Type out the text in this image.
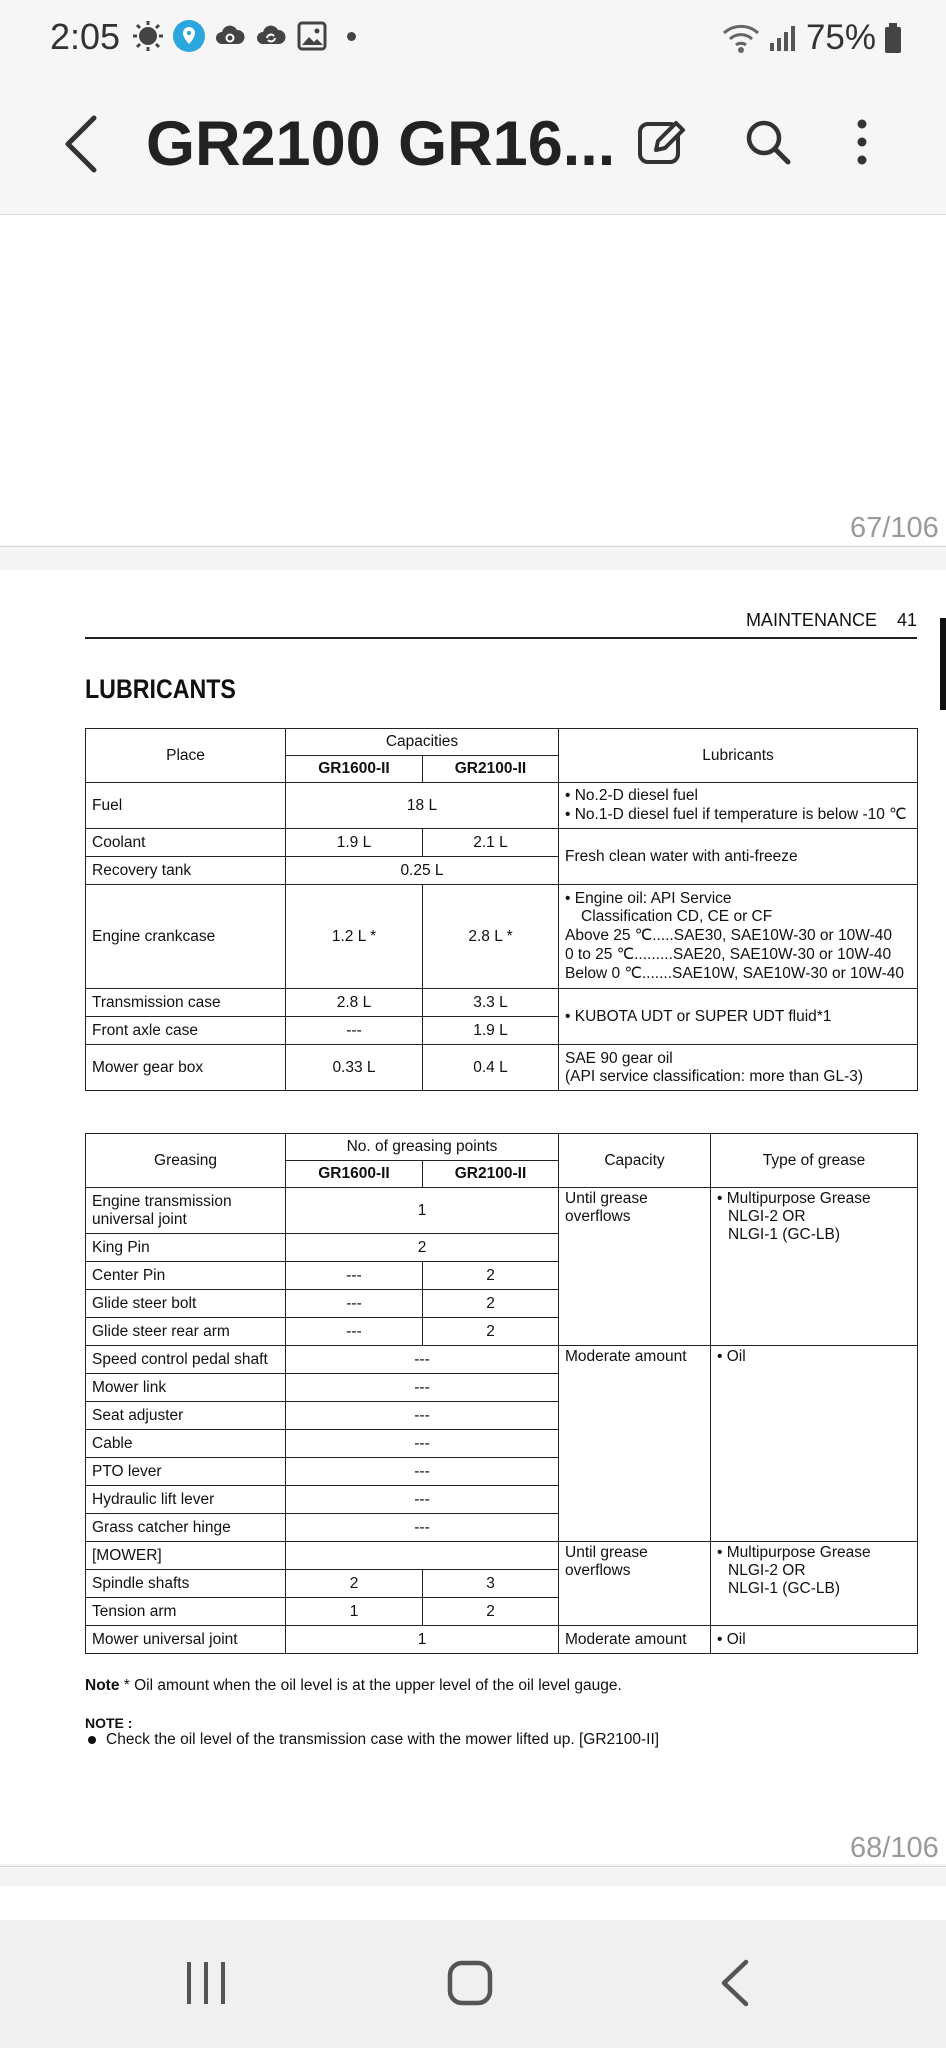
2:05	75%
GR2100 GR16...
67/106
MAINTENANCE 41
LUBRICANTS
Place	Capacities		Lubricants
	GR1600-II	GR2100-II	
Fuel	18 L		• No.2-D diesel fuel
• No.1-D diesel fuel if temperature is below -10 ℃

Coolant	1.9 L	2.1 L	Fresh clean water with anti-freeze
Recovery tank	0.25 L		
Engine crankcase	1.2 L *	2.8 L *	• Engine oil: API Service
Classification CD, CE or CF
Above 25 ℃.....SAE30, SAE10W-30 or 10W-40
0 to 25 ℃.........SAE20, SAE10W-30 or 10W-40
Below 0 ℃.......SAE10W, SAE10W-30 or 10W-40

Transmission case	2.8 L	3.3 L	• KUBOTA UDT or SUPER UDT fluid*1
Front axle case	---	1.9 L	
Mower gear box	0.33 L	0.4 L	SAE 90 gear oil
(API service classification: more than GL-3)
Greasing	No. of greasing points		Capacity	Type of grease
	GR1600-II	GR2100-II		
Engine transmission universal joint	1		Until grease overflows	• Multipurpose Grease
NLGI-2 OR
NLGI-1 (GC-LB)

King Pin	2			
Center Pin	---	2		
Glide steer bolt	---	2		
Glide steer rear arm	---	2		
Speed control pedal shaft	---		Moderate amount	• Oil
Mower link	---			
Seat adjuster	---			
Cable	---			
PTO lever	---			
Hydraulic lift lever	---			
Grass catcher hinge	---			
[MOWER]			Until grease overflows	• Multipurpose Grease
NLGI-2 OR
NLGI-1 (GC-LB)

Spindle shafts	2	3		
Tension arm	1	2		
Mower universal joint	1		Moderate amount	• Oil
Note * Oil amount when the oil level is at the upper level of the oil level gauge.
NOTE :
Check the oil level of the transmission case with the mower lifted up. [GR2100-II]
68/106
